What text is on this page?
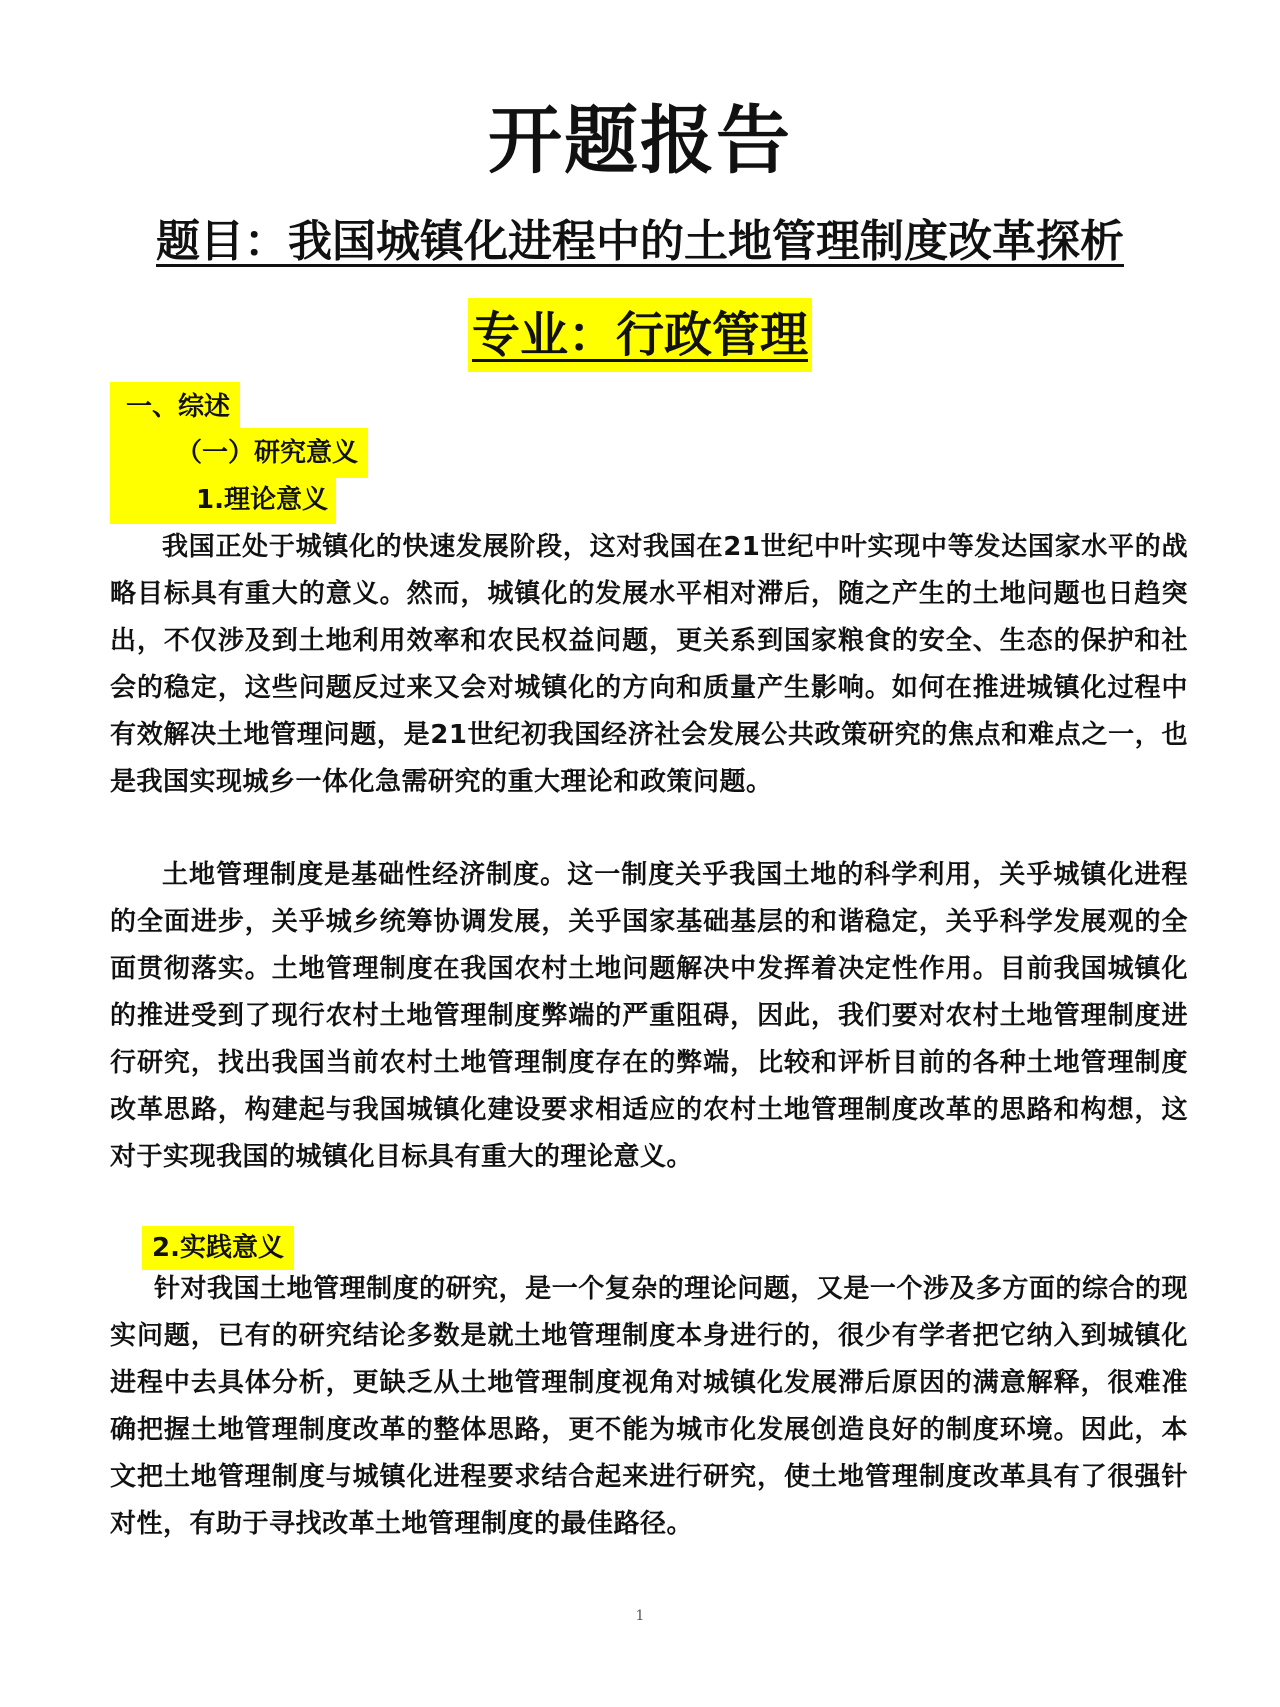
开题报告

题目：我国城镇化进程中的土地管理制度改革探析

专业：行政管理
一、综述
（一）研究意义
1.理论意义

我国正处于城镇化的快速发展阶段，这对我国在21世纪中叶实现中等发达国家水平的战略目标具有重大的意义。然而，城镇化的发展水平相对滞后，随之产生的土地问题也日趋突出，不仅涉及到土地利用效率和农民权益问题，更关系到国家粮食的安全、生态的保护和社会的稳定，这些问题反过来又会对城镇化的方向和质量产生影响。如何在推进城镇化过程中有效解决土地管理问题，是21世纪初我国经济社会发展公共政策研究的焦点和难点之一，也是我国实现城乡一体化急需研究的重大理论和政策问题。

土地管理制度是基础性经济制度。这一制度关乎我国土地的科学利用，关乎城镇化进程的全面进步，关乎城乡统筹协调发展，关乎国家基础基层的和谐稳定，关乎科学发展观的全面贯彻落实。土地管理制度在我国农村土地问题解决中发挥着决定性作用。目前我国城镇化的推进受到了现行农村土地管理制度弊端的严重阻碍，因此，我们要对农村土地管理制度进行研究，找出我国当前农村土地管理制度存在的弊端，比较和评析目前的各种土地管理制度改革思路，构建起与我国城镇化建设要求相适应的农村土地管理制度改革的思路和构想，这对于实现我国的城镇化目标具有重大的理论意义。

2.实践意义

针对我国土地管理制度的研究，是一个复杂的理论问题，又是一个涉及多方面的综合的现实问题，已有的研究结论多数是就土地管理制度本身进行的，很少有学者把它纳入到城镇化进程中去具体分析，更缺乏从土地管理制度视角对城镇化发展滞后原因的满意解释，很难准确把握土地管理制度改革的整体思路，更不能为城市化发展创造良好的制度环境。因此，本文把土地管理制度与城镇化进程要求结合起来进行研究，使土地管理制度改革具有了很强针对性，有助于寻找改革土地管理制度的最佳路径。

1
